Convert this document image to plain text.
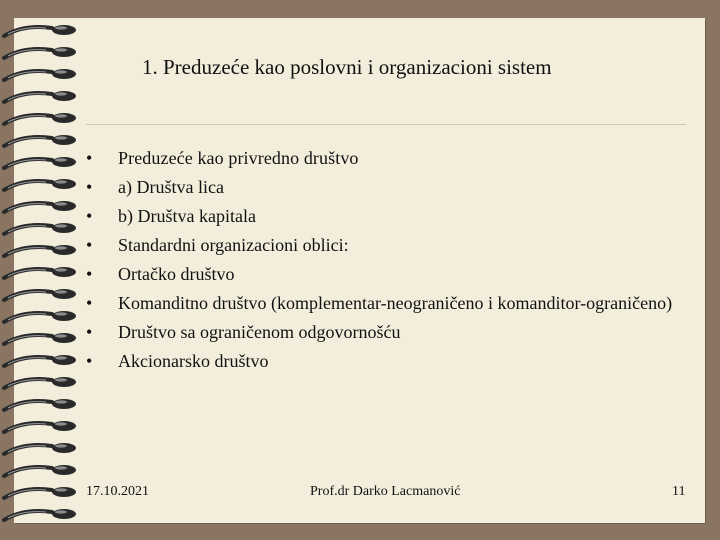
1. Preduzeće kao poslovni i organizacioni sistem
•	Preduzeće kao privredno društvo
•	a) Društva lica
•	b) Društva kapitala
•	Standardni organizacioni oblici:
•	Ortačko društvo
•	Komanditno društvo (komplementar-neograničeno i komanditor-ograničeno)
•	Društvo sa ograničenom odgovornošću
•	Akcionarsko društvo
17.10.2021	Prof.dr Darko Lacmanović	11
